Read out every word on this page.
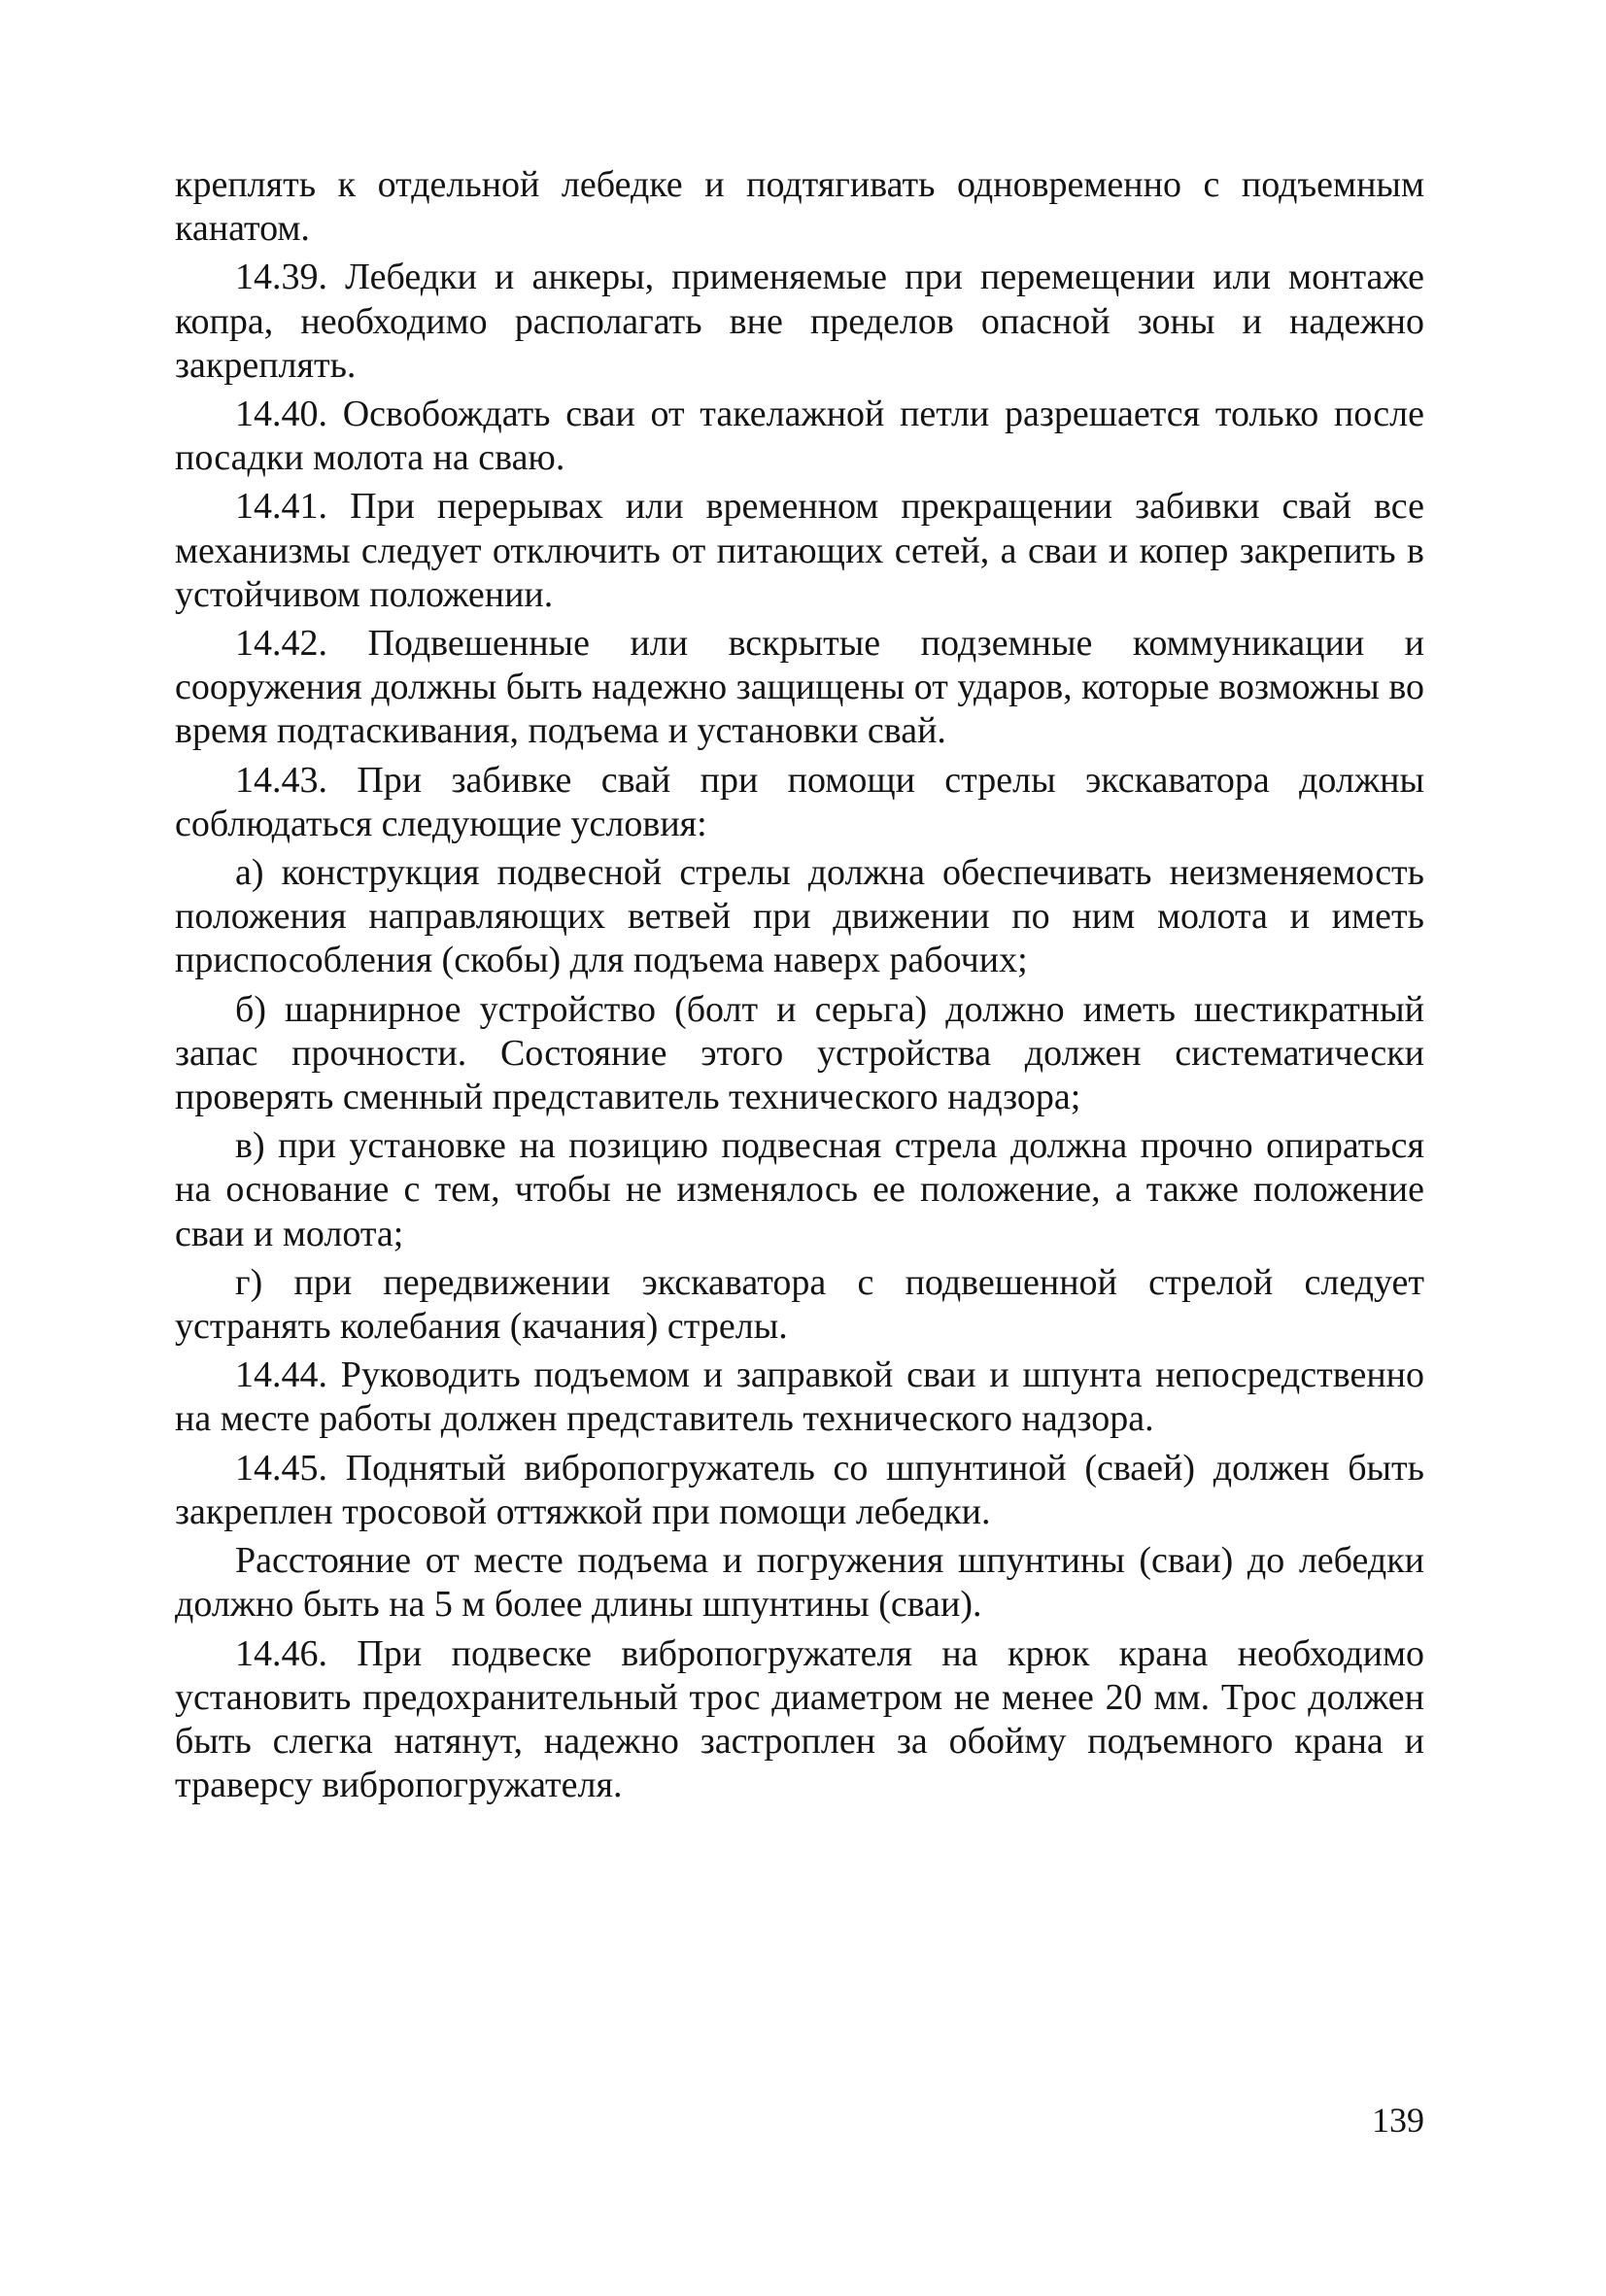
креплять к отдельной лебедке и подтягивать одновременно с подъемным канатом.

14.39. Лебедки и анкеры, применяемые при перемещении или монтаже копра, необходимо располагать вне пределов опасной зоны и надежно закреплять.

14.40. Освобождать сваи от такелажной петли разрешается только после посадки молота на сваю.

14.41. При перерывах или временном прекращении забивки свай все механизмы следует отключить от питающих сетей, а сваи и копер закрепить в устойчивом положении.

14.42. Подвешенные или вскрытые подземные коммуникации и сооружения должны быть надежно защищены от ударов, которые возможны во время подтаскивания, подъема и установки свай.

14.43. При забивке свай при помощи стрелы экскаватора должны соблюдаться следующие условия:

а) конструкция подвесной стрелы должна обеспечивать неизменяемость положения направляющих ветвей при движении по ним молота и иметь приспособления (скобы) для подъема наверх рабочих;

б) шарнирное устройство (болт и серьга) должно иметь шестикратный запас прочности. Состояние этого устройства должен систематически проверять сменный представитель технического надзора;

в) при установке на позицию подвесная стрела должна прочно опираться на основание с тем, чтобы не изменялось ее положение, а также положение сваи и молота;

г) при передвижении экскаватора с подвешенной стрелой следует устранять колебания (качания) стрелы.

14.44. Руководить подъемом и заправкой сваи и шпунта непосредственно на месте работы должен представитель технического надзора.

14.45. Поднятый вибропогружатель со шпунтиной (сваей) должен быть закреплен тросовой оттяжкой при помощи лебедки.

Расстояние от месте подъема и погружения шпунтины (сваи) до лебедки должно быть на 5 м более длины шпунтины (сваи).

14.46. При подвеске вибропогружателя на крюк крана необходимо установить предохранительный трос диаметром не менее 20 мм. Трос должен быть слегка натянут, надежно застроплен за обойму подъемного крана и траверсу вибропогружателя.

139
